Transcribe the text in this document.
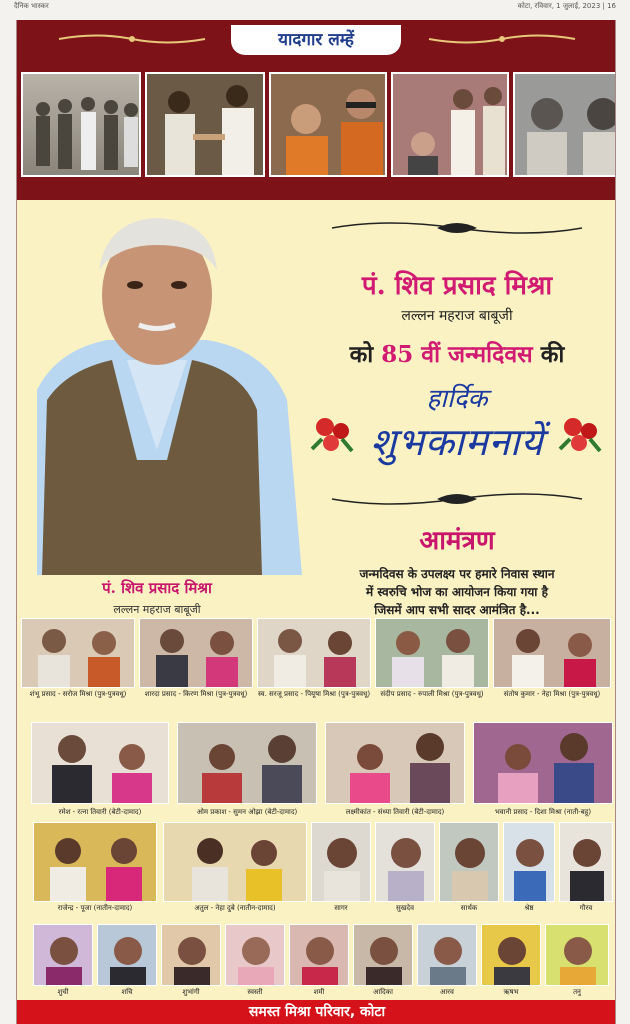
दैनिक भास्कर	कोटा, रविवार, 1 जुलाई, 2023 | 16
यादगार लम्हें
पं. शिव प्रसाद मिश्रा
लल्लन महराज बाबूजी
पं. शिव प्रसाद मिश्रा
लल्लन महराज बाबूजी
को 85 वीं जन्मदिवस की
हार्दिक
शुभकामनायें
आमंत्रण
जन्मदिवस के उपलक्ष्य पर हमारे निवास स्थान
में स्वरुचि भोज का आयोजन किया गया है
जिसमें आप सभी सादर आमंत्रित है...
शंभू प्रसाद - सरोज मिश्रा (पुत्र-पुत्रवधू)	शारदा प्रसाद - किरण मिश्रा (पुत्र-पुत्रवधू)	स्व. सरजू प्रसाद - पियूषा मिश्रा (पुत्र-पुत्रवधू)	संदीप प्रसाद - रुपाली मिश्रा (पुत्र-पुत्रवधू)	संतोष कुमार - नेहा मिश्रा (पुत्र-पुत्रवधू)
रमेश - रत्ना तिवारी (बेटी-दामाद)	ओम प्रकाश - सुमन ओझा (बेटी-दामाद)	लक्ष्मीकांत - संध्या तिवारी (बेटी-दामाद)	भवानी प्रसाद - दिशा मिश्रा (नाती-बहू)
राजेन्द्र - पूजा (नातीन-दामाद)	अतुल - नेहा दुबे (नातीन-दामाद)	सागर	सुखदेव	सार्थक	श्रेष्ठ	गौरव
शुची	शचि	शुभांगी	स्वस्ती	शमी	आदिका	आरव	ऋषभ	तनु
समस्त मिश्रा परिवार, कोटा
